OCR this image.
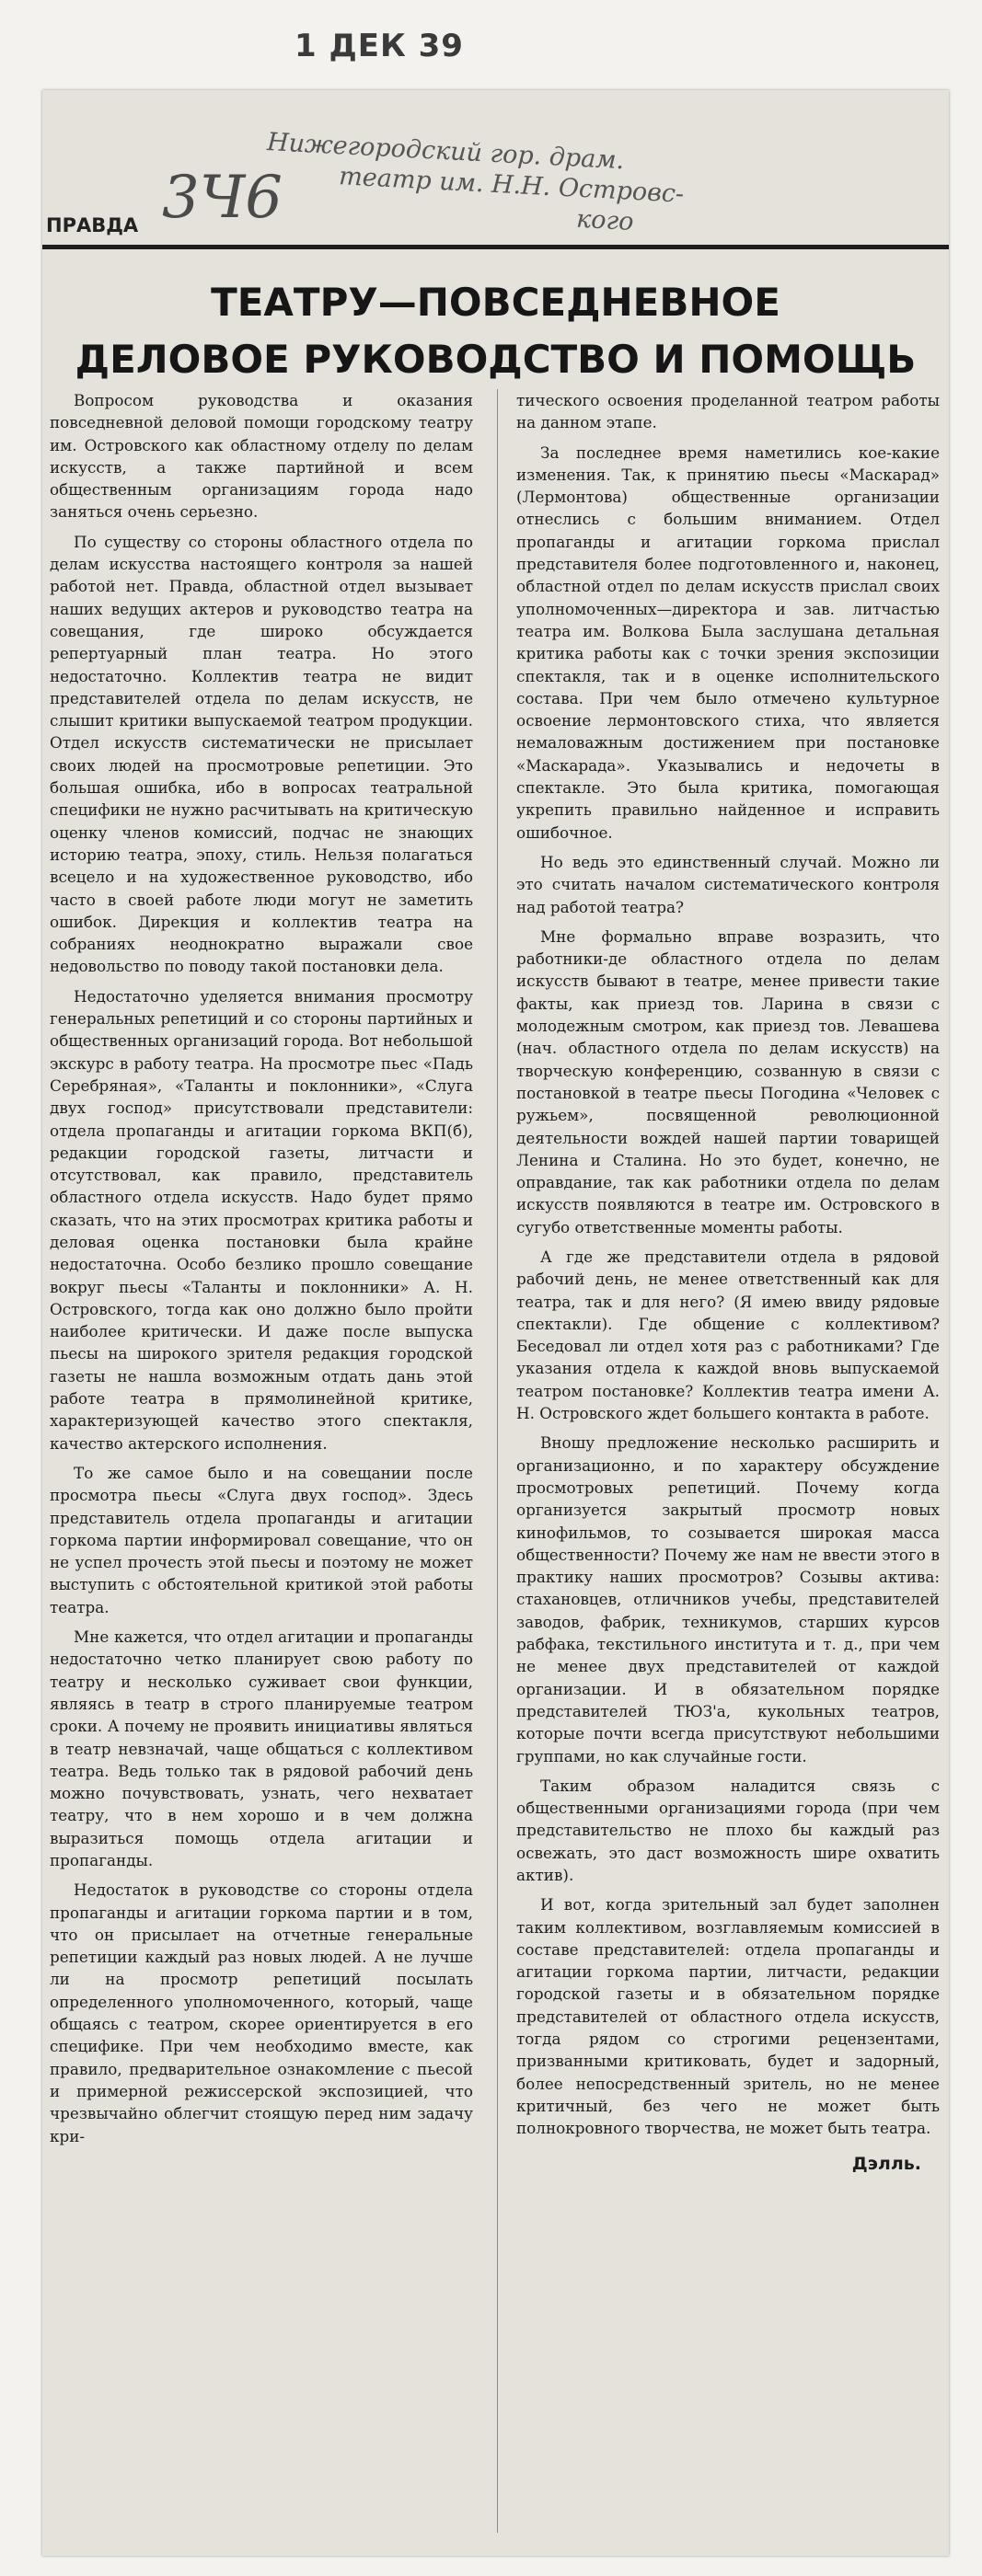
1 ДЕК 39
3Ч6
Нижегородский гор. драм.
театр им. Н.Н. Островс-
кого
ПРАВДА
ТЕАТРУ—ПОВСЕДНЕВНОЕ
ДЕЛОВОЕ РУКОВОДСТВО И ПОМОЩЬ

Вопросом руководства и оказания повседневной деловой помощи городскому театру им. Островского как областному отделу по делам искусств, а также партийной и всем общественным организациям города надо заняться очень серьезно.

По существу со стороны областного отдела по делам искусства настоящего контроля за нашей работой нет. Правда, областной отдел вызывает наших ведущих актеров и руководство театра на совещания, где широко обсуждается репертуарный план театра. Но этого недостаточно. Коллектив театра не видит представителей отдела по делам искусств, не слышит критики выпускаемой театром продукции. Отдел искусств систематически не присылает своих людей на просмотровые репетиции. Это большая ошибка, ибо в вопросах театральной специфики не нужно расчитывать на критическую оценку членов комиссий, подчас не знающих историю театра, эпоху, стиль. Нельзя полагаться всецело и на художественное руководство, ибо часто в своей работе люди могут не заметить ошибок. Дирекция и коллектив театра на собраниях неоднократно выражали свое недовольство по поводу такой постановки дела.

Недостаточно уделяется внимания просмотру генеральных репетиций и со стороны партийных и общественных организаций города. Вот небольшой экскурс в работу театра. На просмотре пьес «Падь Серебряная», «Таланты и поклонники», «Слуга двух господ» присутствовали представители: отдела пропаганды и агитации горкома ВКП(б), редакции городской газеты, литчасти и отсутствовал, как правило, представитель областного отдела искусств. Надо будет прямо сказать, что на этих просмотрах критика работы и деловая оценка постановки была крайне недостаточна. Особо безлико прошло совещание вокруг пьесы «Таланты и поклонники» А. Н. Островского, тогда как оно должно было пройти наиболее критически. И даже после выпуска пьесы на широкого зрителя редакция городской газеты не нашла возможным отдать дань этой работе театра в прямолинейной критике, характеризующей качество этого спектакля, качество актерского исполнения.

То же самое было и на совещании после просмотра пьесы «Слуга двух господ». Здесь представитель отдела пропаганды и агитации горкома партии информировал совещание, что он не успел прочесть этой пьесы и поэтому не может выступить с обстоятельной критикой этой работы театра.

Мне кажется, что отдел агитации и пропаганды недостаточно четко планирует свою работу по театру и несколько суживает свои функции, являясь в театр в строго планируемые театром сроки. А почему не проявить инициативы являться в театр невзначай, чаще общаться с коллективом театра. Ведь только так в рядовой рабочий день можно почувствовать, узнать, чего нехватает театру, что в нем хорошо и в чем должна выразиться помощь отдела агитации и пропаганды.

Недостаток в руководстве со стороны отдела пропаганды и агитации горкома партии и в том, что он присылает на отчетные генеральные репетиции каждый раз новых людей. А не лучше ли на просмотр репетиций посылать определенного уполномоченного, который, чаще общаясь с театром, скорее ориентируется в его специфике. При чем необходимо вместе, как правило, предварительное ознакомление с пьесой и примерной режиссерской экспозицией, что чрезвычайно облегчит стоящую перед ним задачу кри-

тического освоения проделанной театром работы на данном этапе.

За последнее время наметились кое-какие изменения. Так, к принятию пьесы «Маскарад» (Лермонтова) общественные организации отнеслись с большим вниманием. Отдел пропаганды и агитации горкома прислал представителя более подготовленного и, наконец, областной отдел по делам искусств прислал своих уполномоченных—директора и зав. литчастью театра им. Волкова Была заслушана детальная критика работы как с точки зрения экспозиции спектакля, так и в оценке исполнительского состава. При чем было отмечено культурное освоение лермонтовского стиха, что является немаловажным достижением при постановке «Маскарада». Указывались и недочеты в спектакле. Это была критика, помогающая укрепить правильно найденное и исправить ошибочное.

Но ведь это единственный случай. Можно ли это считать началом систематического контроля над работой театра?

Мне формально вправе возразить, что работники-де областного отдела по делам искусств бывают в театре, менее привести такие факты, как приезд тов. Ларина в связи с молодежным смотром, как приезд тов. Левашева (нач. областного отдела по делам искусств) на творческую конференцию, созванную в связи с постановкой в театре пьесы Погодина «Человек с ружьем», посвященной революционной деятельности вождей нашей партии товарищей Ленина и Сталина. Но это будет, конечно, не оправдание, так как работники отдела по делам искусств появляются в театре им. Островского в сугубо ответственные моменты работы.

А где же представители отдела в рядовой рабочий день, не менее ответственный как для театра, так и для него? (Я имею ввиду рядовые спектакли). Где общение с коллективом? Беседовал ли отдел хотя раз с работниками? Где указания отдела к каждой вновь выпускаемой театром постановке? Коллектив театра имени А. Н. Островского ждет большего контакта в работе.

Вношу предложение несколько расширить и организационно, и по характеру обсуждение просмотровых репетиций. Почему когда организуется закрытый просмотр новых кинофильмов, то созывается широкая масса общественности? Почему же нам не ввести этого в практику наших просмотров? Созывы актива: стахановцев, отличников учебы, представителей заводов, фабрик, техникумов, старших курсов рабфака, текстильного института и т. д., при чем не менее двух представителей от каждой организации. И в обязательном порядке представителей ТЮЗ'а, кукольных театров, которые почти всегда присутствуют небольшими группами, но как случайные гости.

Таким образом наладится связь с общественными организациями города (при чем представительство не плохо бы каждый раз освежать, это даст возможность шире охватить актив).

И вот, когда зрительный зал будет заполнен таким коллективом, возглавляемым комиссией в составе представителей: отдела пропаганды и агитации горкома партии, литчасти, редакции городской газеты и в обязательном порядке представителей от областного отдела искусств, тогда рядом со строгими рецензентами, призванными критиковать, будет и задорный, более непосредственный зритель, но не менее критичный, без чего не может быть полнокровного творчества, не может быть театра.

Дэлль.
